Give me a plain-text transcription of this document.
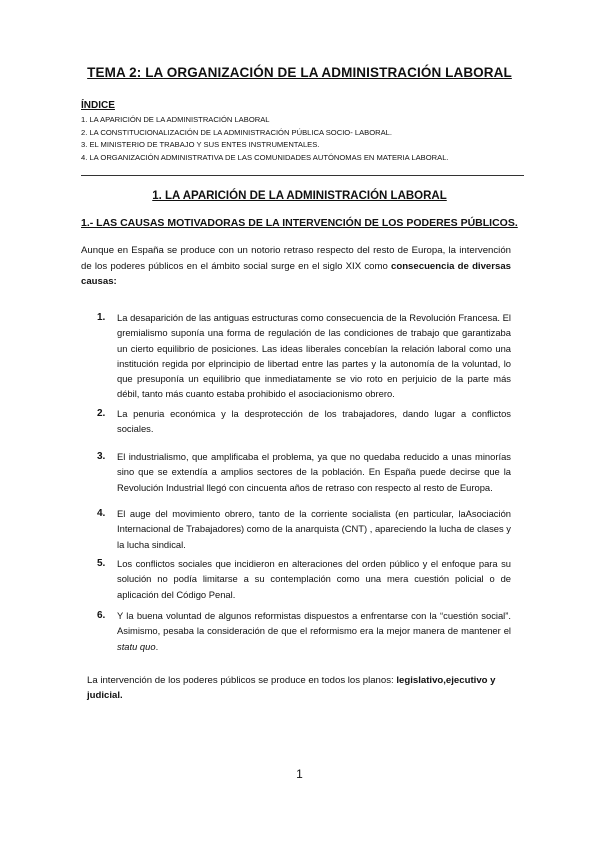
TEMA 2: LA ORGANIZACIÓN DE LA ADMINISTRACIÓN LABORAL
ÍNDICE
1. LA APARICIÓN DE LA ADMINISTRACIÓN LABORAL
2. LA CONSTITUCIONALIZACIÓN DE LA ADMINISTRACIÓN PÚBLICA SOCIO- LABORAL.
3. EL MINISTERIO DE TRABAJO Y SUS ENTES INSTRUMENTALES.
4. LA ORGANIZACIÓN ADMINISTRATIVA DE LAS COMUNIDADES AUTÓNOMAS EN MATERIA LABORAL.
1. LA APARICIÓN DE LA ADMINISTRACIÓN LABORAL
1.- LAS CAUSAS MOTIVADORAS DE LA INTERVENCIÓN DE LOS PODERES PÚBLICOS.

Aunque en España se produce con un notorio retraso respecto del resto de Europa, la intervención de los poderes públicos en el ámbito social surge en el siglo XIX como consecuencia de diversas causas:

1. La desaparición de las antiguas estructuras como consecuencia de la Revolución Francesa. El gremialismo suponía una forma de regulación de las condiciones de trabajo que garantizaba un cierto equilibrio de posiciones. Las ideas liberales concebían la relación laboral como una institución regida por elprincipio de libertad entre las partes y la autonomía de la voluntad, lo que presuponía un equilibrio que inmediatamente se vio roto en perjuicio de la parte más débil, tanto más cuanto estaba prohibido el asociacionismo obrero.
2. La penuria económica y la desprotección de los trabajadores, dando lugar a conflictos sociales.
3. El industrialismo, que amplificaba el problema, ya que no quedaba reducido a unas minorías sino que se extendía a amplios sectores de la población. En España puede decirse que la Revolución Industrial llegó con cincuenta años de retraso con respecto al resto de Europa.
4. El auge del movimiento obrero, tanto de la corriente socialista (en particular, laAsociación Internacional de Trabajadores) como de la anarquista (CNT) , apareciendo la lucha de clases y la lucha sindical.
5. Los conflictos sociales que incidieron en alteraciones del orden público y el enfoque para su solución no podía limitarse a su contemplación como una mera cuestión policial o de aplicación del Código Penal.
6. Y la buena voluntad de algunos reformistas dispuestos a enfrentarse con la “cuestión social”. Asimismo, pesaba la consideración de que el reformismo era la mejor manera de mantener el statu quo.

La intervención de los poderes públicos se produce en todos los planos: legislativo,ejecutivo y judicial.

1
